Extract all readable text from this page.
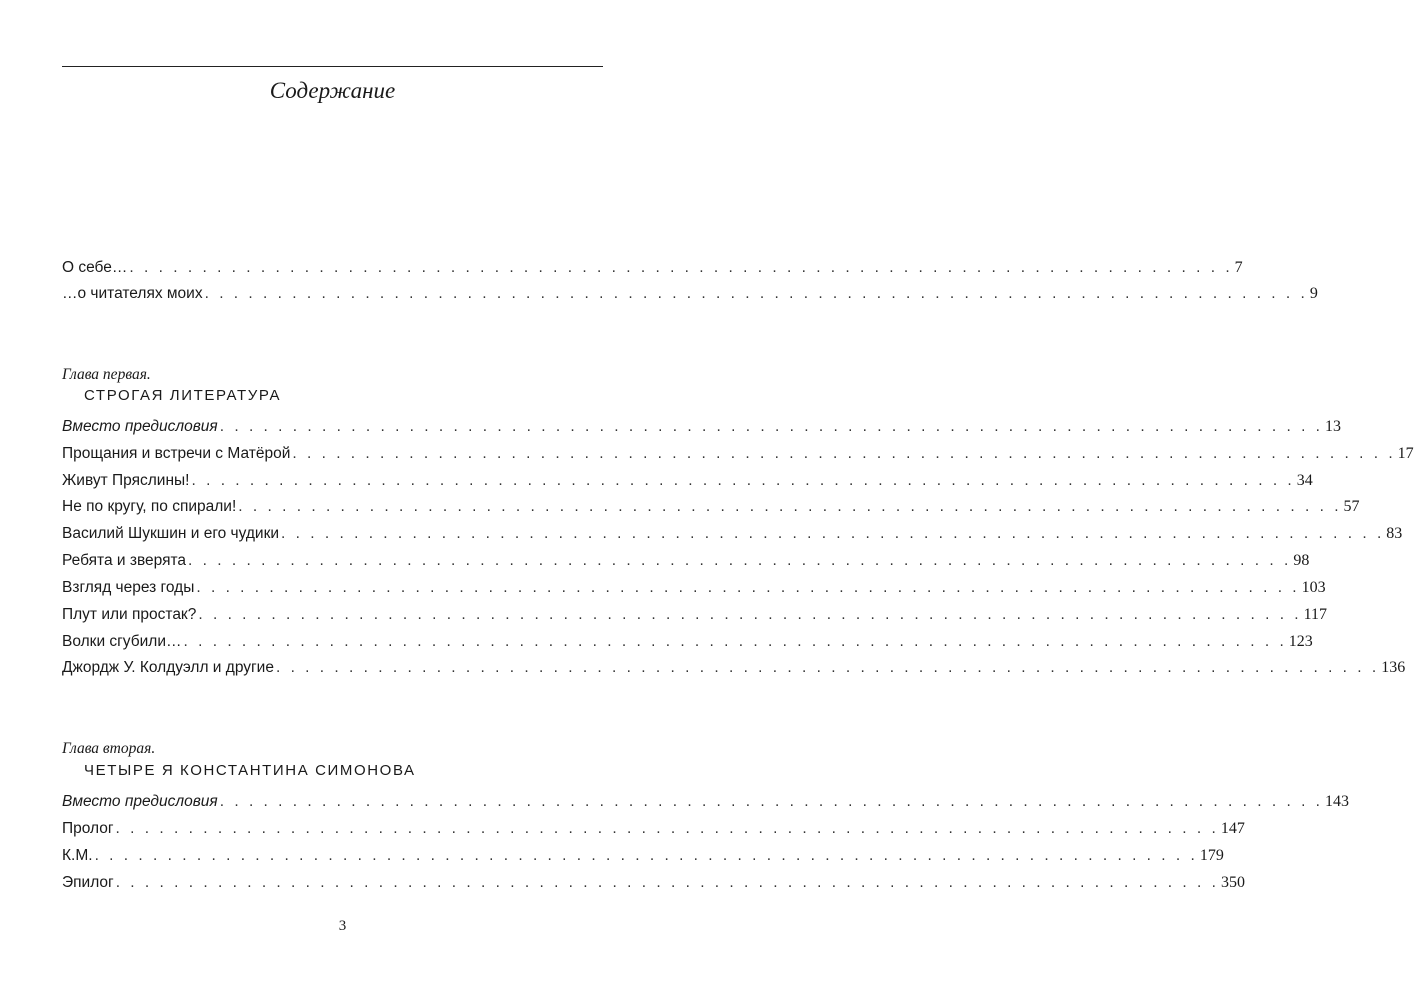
Содержание
О себе… . . . . . . . . . . . . . . . . . . . . . . . . . . . . . . . . . . . . . . . . . . . . . . . . . . . . . . . . . . . . . . . . . . . . . . . . . . . . 7
…о читателях моих . . . . . . . . . . . . . . . . . . . . . . . . . . . . . . . . . . . . . . . . . . . . . . . . . . . . . . . . . . . . . . . . . . . . . . . . . . . . 9
Глава первая.
СТРОГАЯ ЛИТЕРАТУРА
Вместо предисловия . . . . . . . . . . . . . . . . . . . . . . . . . . . . . . . . . . . . . . . . . . . . . . . . . . . . . . . . . . . . . . . . . . . . . . . . . . . . 13
Прощания и встречи с Матёрой . . . . . . . . . . . . . . . . . . . . . . . . . . . . . . . . . . . . . . . . . . . . . . . . . . . . . . . . . . . . . . . . . . . . . . . . . . . . 17
Живут Пряслины! . . . . . . . . . . . . . . . . . . . . . . . . . . . . . . . . . . . . . . . . . . . . . . . . . . . . . . . . . . . . . . . . . . . . . . . . . . . . 34
Не по кругу, по спирали! . . . . . . . . . . . . . . . . . . . . . . . . . . . . . . . . . . . . . . . . . . . . . . . . . . . . . . . . . . . . . . . . . . . . . . . . . . . . 57
Василий Шукшин и его чудики . . . . . . . . . . . . . . . . . . . . . . . . . . . . . . . . . . . . . . . . . . . . . . . . . . . . . . . . . . . . . . . . . . . . . . . . . . . . 83
Ребята и зверята . . . . . . . . . . . . . . . . . . . . . . . . . . . . . . . . . . . . . . . . . . . . . . . . . . . . . . . . . . . . . . . . . . . . . . . . . . . . 98
Взгляд через годы . . . . . . . . . . . . . . . . . . . . . . . . . . . . . . . . . . . . . . . . . . . . . . . . . . . . . . . . . . . . . . . . . . . . . . . . . . . . 103
Плут или простак? . . . . . . . . . . . . . . . . . . . . . . . . . . . . . . . . . . . . . . . . . . . . . . . . . . . . . . . . . . . . . . . . . . . . . . . . . . . . 117
Волки сгубили… . . . . . . . . . . . . . . . . . . . . . . . . . . . . . . . . . . . . . . . . . . . . . . . . . . . . . . . . . . . . . . . . . . . . . . . . . . . . 123
Джордж У. Колдуэлл и другие . . . . . . . . . . . . . . . . . . . . . . . . . . . . . . . . . . . . . . . . . . . . . . . . . . . . . . . . . . . . . . . . . . . . . . . . . . . . 136
Глава вторая.
ЧЕТЫРЕ Я КОНСТАНТИНА СИМОНОВА
Вместо предисловия . . . . . . . . . . . . . . . . . . . . . . . . . . . . . . . . . . . . . . . . . . . . . . . . . . . . . . . . . . . . . . . . . . . . . . . . . . . . 143
Пролог . . . . . . . . . . . . . . . . . . . . . . . . . . . . . . . . . . . . . . . . . . . . . . . . . . . . . . . . . . . . . . . . . . . . . . . . . . . . 147
К.М. . . . . . . . . . . . . . . . . . . . . . . . . . . . . . . . . . . . . . . . . . . . . . . . . . . . . . . . . . . . . . . . . . . . . . . . . . . . . 179
Эпилог . . . . . . . . . . . . . . . . . . . . . . . . . . . . . . . . . . . . . . . . . . . . . . . . . . . . . . . . . . . . . . . . . . . . . . . . . . . . 350
3
